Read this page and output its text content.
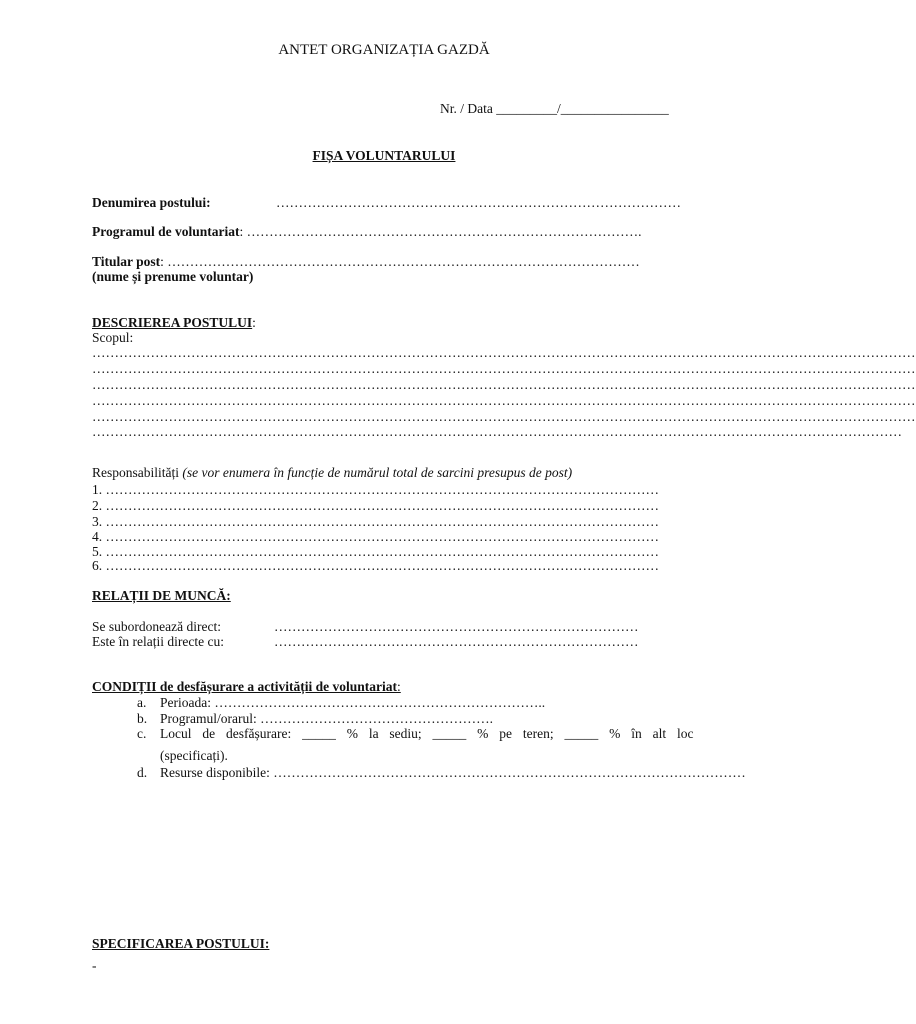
ANTET ORGANIZAȚIA GAZDĂ
Nr. / Data _________/________________
FIȘA VOLUNTARULUI
Denumirea postului:	………………………………………………………………………………
Programul de voluntariat: …………………………………………………………………………….
Titular post: ……………………………………………………………………………………………
(nume și prenume voluntar)
DESCRIEREA POSTULUI:
Scopul:
…………………………………………………………………………………………………………………………………………………………………
…………………………………………………………………………………………………………………………………………………………………
…………………………………………………………………………………………………………………………………………………………………
…………………………………………………………………………………………………………………………………………………………………
…………………………………………………………………………………………………………………………………………………………………
………………………………………………………………………………………………………………………………………………………………
Responsabilități (se vor enumera în funcție de numărul total de sarcini presupus de post)
1. ……………………………………………………………………………………………………………
2. ……………………………………………………………………………………………………………
3. ……………………………………………………………………………………………………………
4. ……………………………………………………………………………………………………………
5. ……………………………………………………………………………………………………………
6. ……………………………………………………………………………………………………………
RELAȚII DE MUNCĂ:
Se subordonează direct:	………………………………………………………………………
Este în relații directe cu:	………………………………………………………………………
CONDIȚII de desfășurare a activității de voluntariat:
a. Perioada: ………………………………………………………………..
b. Programul/orarul: …………………………………………….
c. Locul de desfășurare: _____ % la sediu; _____ % pe teren; _____ % în alt loc
(specificați).
d. Resurse disponibile: ……………………………………………………………………………………………
SPECIFICAREA POSTULUI:
-
